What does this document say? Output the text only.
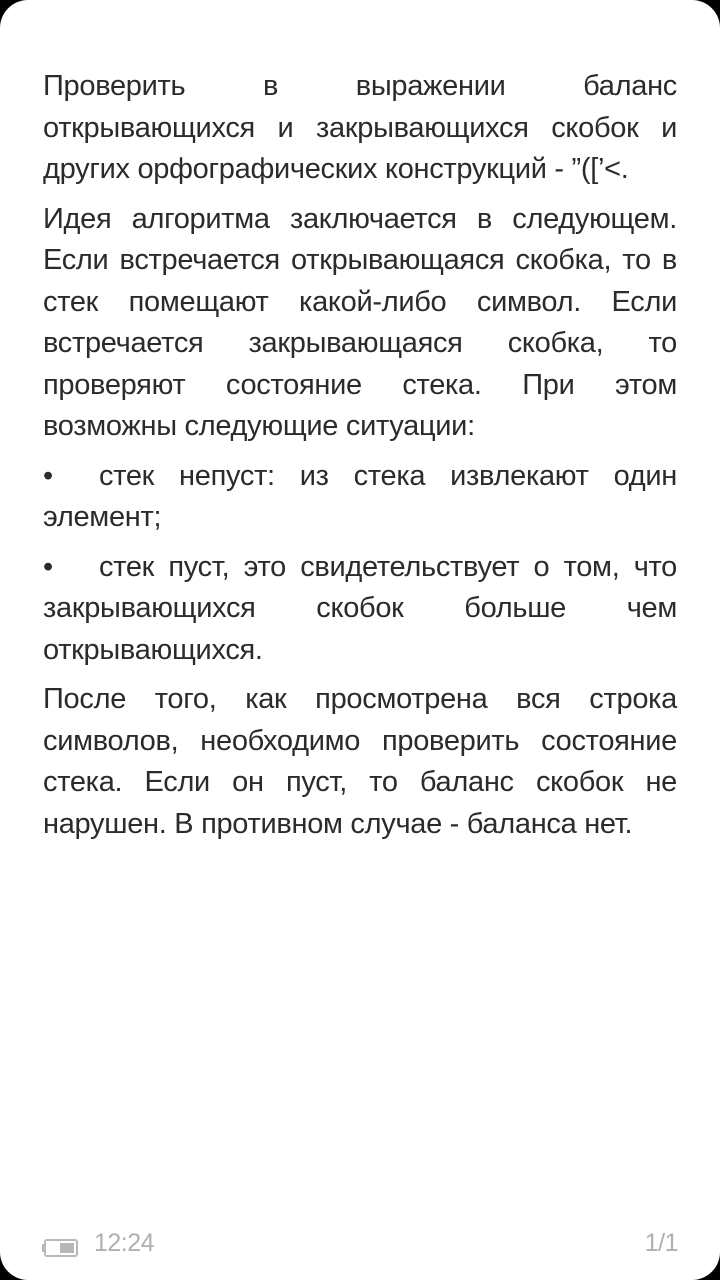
Проверить в выражении баланс открывающихся и закрывающихся скобок и других орфографических конструкций - ”([’<.

Идея алгоритма заключается в следующем. Если встречается открывающаяся скобка, то в стек помещают какой-либо символ. Если встречается закрывающаяся скобка, то проверяют состояние стека. При этом возможны следующие ситуации:

• стек непуст: из стека извлекают один элемент;

• стек пуст, это свидетельствует о том, что закрывающихся скобок больше чем открывающихся.

После того, как просмотрена вся строка символов, необходимо проверить состояние стека. Если он пуст, то баланс скобок не нарушен. В противном случае - баланса нет.

12:24	1/1
